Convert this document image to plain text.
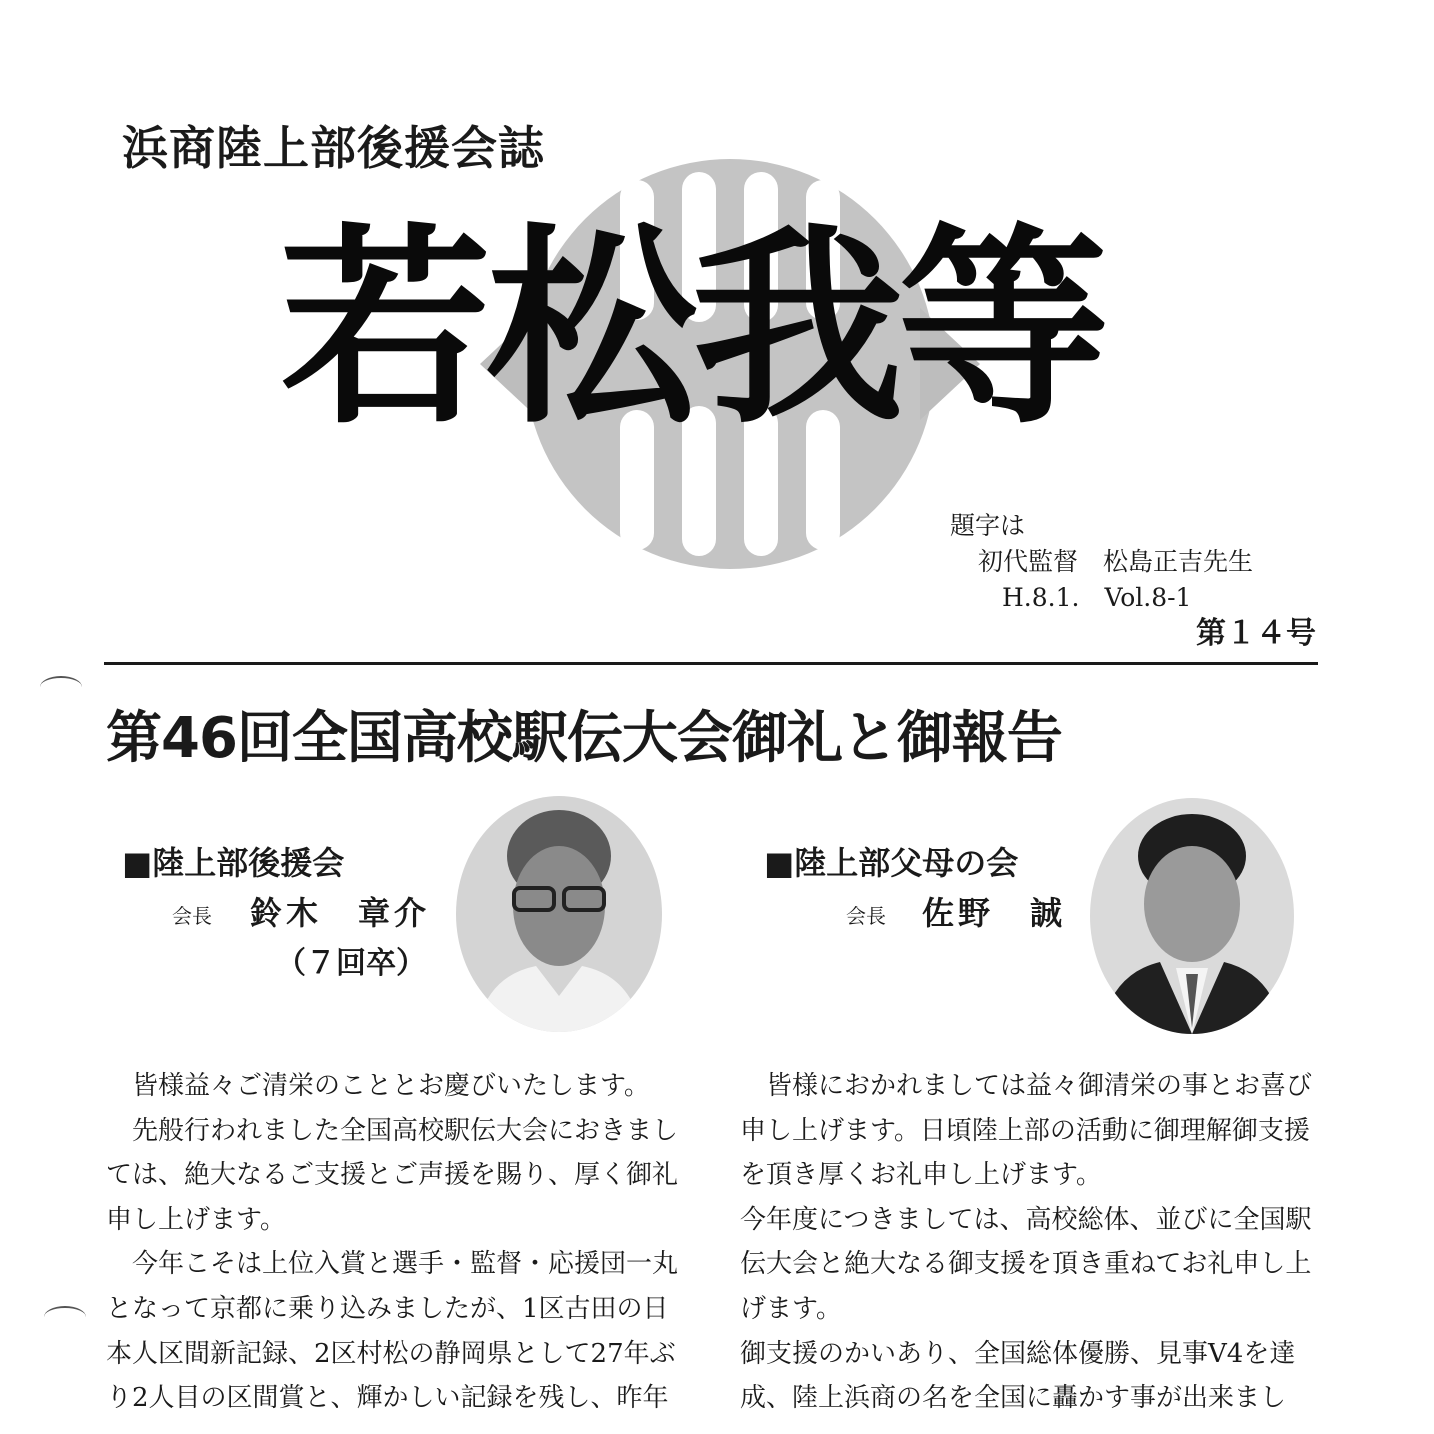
浜商陸上部後援会誌
若松我等
題字は
初代監督　松島正吉先生
H.8.1.　Vol.8-1
第１４号
第46回全国高校駅伝大会御礼と御報告
■陸上部後援会
会長 鈴木　章介
（７回卒）

皆様益々ご清栄のこととお慶びいたします。

先般行われました全国高校駅伝大会におきましては、絶大なるご支援とご声援を賜り、厚く御礼申し上げます。

今年こそは上位入賞と選手・監督・応援団一丸となって京都に乗り込みましたが、1区古田の日本人区間新記録、2区村松の静岡県として27年ぶり2人目の区間賞と、輝かしい記録を残し、昨年

■陸上部父母の会
会長 佐野　誠

皆様におかれましては益々御清栄の事とお喜び申し上げます。日頃陸上部の活動に御理解御支援を頂き厚くお礼申し上げます。

今年度につきましては、高校総体、並びに全国駅伝大会と絶大なる御支援を頂き重ねてお礼申し上げます。

御支援のかいあり、全国総体優勝、見事V4を達成、陸上浜商の名を全国に轟かす事が出来まし
